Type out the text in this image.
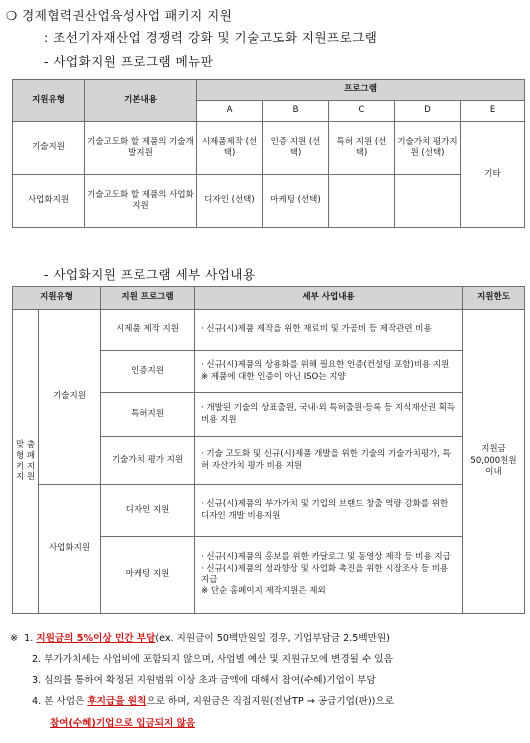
❍ 경제협력권산업육성사업 패키지 지원
: 조선기자재산업 경쟁력 강화 및 기술고도화 지원프로그램
- 사업화지원 프로그램 메뉴판
지원유형	기본내용	프로그램				
		A	B	C	D	E
기술지원	기술고도화 할 제품의 기술개발지원	시제품제작 (선택)	인증 지원 (선택)	특허 지원 (선택)	기술가치 평가지원 (선택)	기타
사업화지원	기술고도화 할 제품의 사업화지원	디자인 (선택)	마케팅 (선택)			
- 사업화지원 프로그램 세부 사업내용
지원유형		지원 프로그램	세부 사업내용	지원한도
맞 춤 형 패 키 지 지 원	기술지원	시제품 제작 지원	· 신규(시)제품 제작을 위한 재료비 및 가공비 등 제작관련 비용	지원금 50,000천원 이내
		인증지원	· 신규(시)제품의 상용화를 위해 필요한 인증(컨설팅 포함)비용 지원
※ 제품에 대한 인증이 아닌 ISO는 지양	
		특허지원	· 개발된 기술의 상표출원, 국내·외 특허출원·등록 등 지식재산권 획득 비용 지원	
		기술가치 평가 지원	· 기술 고도화 및 신규(시)제품 개발을 위한 기술의 기술가치평가, 특허 자산가치 평가 비용 지원	
	사업화지원	디자인 지원	· 신규(시)제품의 부가가치 및 기업의 브랜드 창출 역량 강화를 위한 디자인 개발 비용지원	
		마케팅 지원	· 신규(시)제품의 홍보를 위한 카달로그 및 동영상 제작 등 비용 지급
· 신규(시)제품의 성과향상 및 사업화 촉진을 위한 시장조사 등 비용 지급
※ 단순 홈페이지 제작지원은 제외	
※ 1. 지원금의 5%이상 민간 부담(ex. 지원금이 50백만원일 경우, 기업부담금 2.5백만원)
2. 부가가치세는 사업비에 포함되지 않으며, 사업별 예산 및 지원규모에 변경될 수 있음
3. 심의를 통하여 확정된 지원범위 이상 초과 금액에 대해서 참여(수혜)기업이 부담
4. 본 사업은 후지급을 원칙으로 하며, 지원금은 직접지원(전남TP → 공급기업(판))으로
참여(수혜)기업으로 입금되지 않음
